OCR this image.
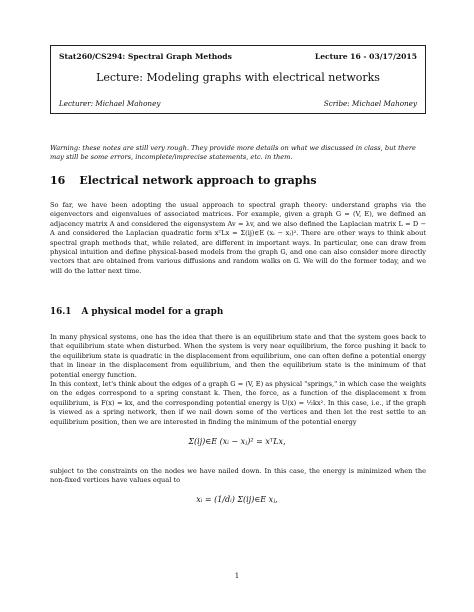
Stat260/CS294: Spectral Graph Methods	Lecture 16 - 03/17/2015
Lecture: Modeling graphs with electrical networks
Lecturer: Michael Mahoney	Scribe: Michael Mahoney

Warning: these notes are still very rough. They provide more details on what we discussed in class, but there may still be some errors, incomplete/imprecise statements, etc. in them.

16 Electrical network approach to graphs

So far, we have been adopting the usual approach to spectral graph theory: understand graphs via the eigenvectors and eigenvalues of associated matrices. For example, given a graph G = (V, E), we defined an adjacency matrix A and considered the eigensystem Av = λv, and we also defined the Laplacian matrix L = D − A and considered the Laplacian quadratic form xᵀLx = Σ(ij)∈E (xᵢ − xⱼ)². There are other ways to think about spectral graph methods that, while related, are different in important ways. In particular, one can draw from physical intuition and define physical-based models from the graph G, and one can also consider more directly vectors that are obtained from various diffusions and random walks on G. We will do the former today, and we will do the latter next time.

16.1 A physical model for a graph

In many physical systems, one has the idea that there is an equilibrium state and that the system goes back to that equilibrium state when disturbed. When the system is very near equilibrium, the force pushing it back to the equilibrium state is quadratic in the displacement from equilibrium, one can often define a potential energy that in linear in the displacement from equilibrium, and then the equilibrium state is the minimum of that potential energy function.

In this context, let's think about the edges of a graph G = (V, E) as physical "springs," in which case the weights on the edges correspond to a spring constant k. Then, the force, as a function of the displacement x from equilibrium, is F(x) = kx, and the corresponding potential energy is U(x) = ½kx². In this case, i.e., if the graph is viewed as a spring network, then if we nail down some of the vertices and then let the rest settle to an equilibrium position, then we are interested in finding the minimum of the potential energy

Σ(ij)∈E (xᵢ − xⱼ)² = xᵀLx,

subject to the constraints on the nodes we have nailed down. In this case, the energy is minimized when the non-fixed vertices have values equal to

xᵢ = (1/dᵢ) Σ(ij)∈E xⱼ,
1
